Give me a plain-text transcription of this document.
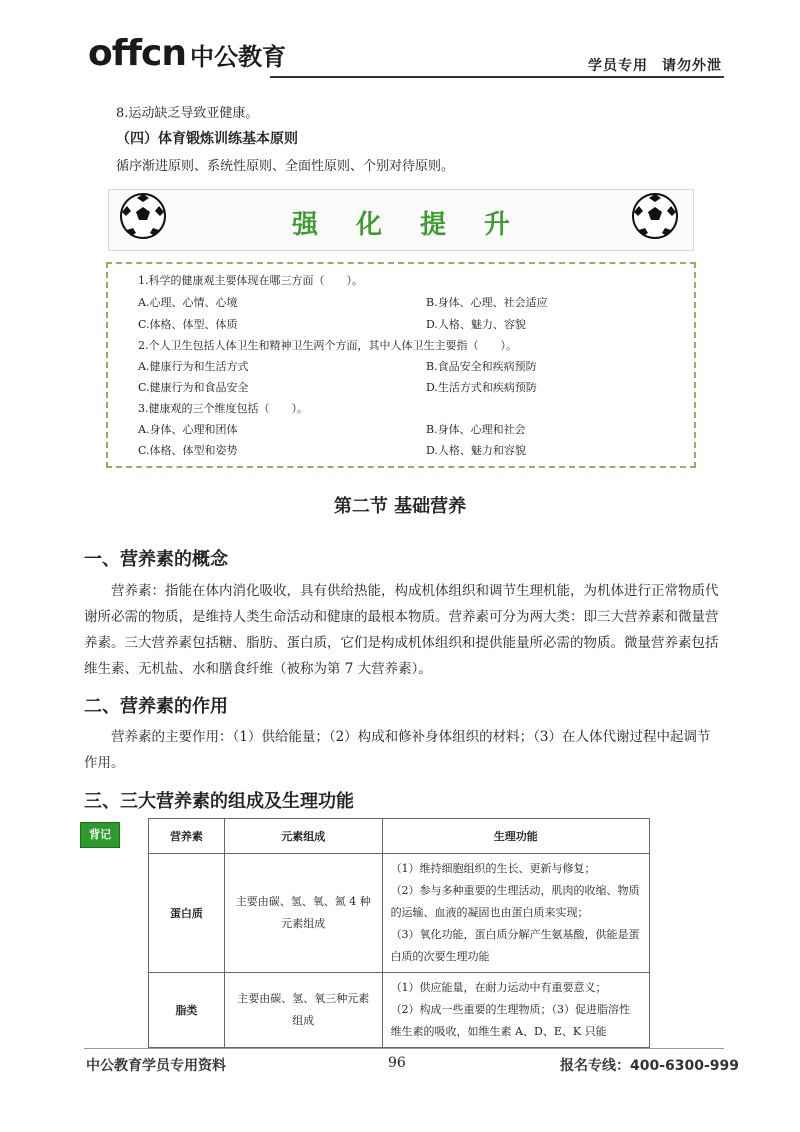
offcn 中公教育	学员专用 请勿外泄
8.运动缺乏导致亚健康。
（四）体育锻炼训练基本原则
循序渐进原则、系统性原则、全面性原则、个别对待原则。
强化提升
1.科学的健康观主要体现在哪三方面（　　）。
A.心理、心情、心境	B.身体、心理、社会适应
C.体格、体型、体质	D.人格、魅力、容貌
2.个人卫生包括人体卫生和精神卫生两个方面，其中人体卫生主要指（　　）。
A.健康行为和生活方式	B.食品安全和疾病预防
C.健康行为和食品安全	D.生活方式和疾病预防
3.健康观的三个维度包括（　　）。
A.身体、心理和团体	B.身体、心理和社会
C.体格、体型和姿势	D.人格、魅力和容貌
第二节 基础营养
一、营养素的概念
营养素：指能在体内消化吸收，具有供给热能，构成机体组织和调节生理机能，为机体进行正常物质代谢所必需的物质，是维持人类生命活动和健康的最根本物质。营养素可分为两大类：即三大营养素和微量营养素。三大营养素包括糖、脂肪、蛋白质，它们是构成机体组织和提供能量所必需的物质。微量营养素包括维生素、无机盐、水和膳食纤维（被称为第 7 大营养素）。
二、营养素的作用
营养素的主要作用：（1）供给能量；（2）构成和修补身体组织的材料；（3）在人体代谢过程中起调节作用。
三、三大营养素的组成及生理功能
背记	营养素	元素组成	生理功能
蛋白质	主要由碳、氢、氧、氮 4 种元素组成	（1）维持细胞组织的生长、更新与修复；
（2）参与多种重要的生理活动，肌肉的收缩、物质的运输、血液的凝固也由蛋白质来实现；
（3）氧化功能，蛋白质分解产生氨基酸，供能是蛋白质的次要生理功能

脂类	主要由碳、氢、氧三种元素组成	（1）供应能量，在耐力运动中有重要意义；
（2）构成一些重要的生理物质；（3）促进脂溶性维生素的吸收，如维生素 A、D、E、K 只能
中公教育学员专用资料	96	报名专线：400-6300-999
